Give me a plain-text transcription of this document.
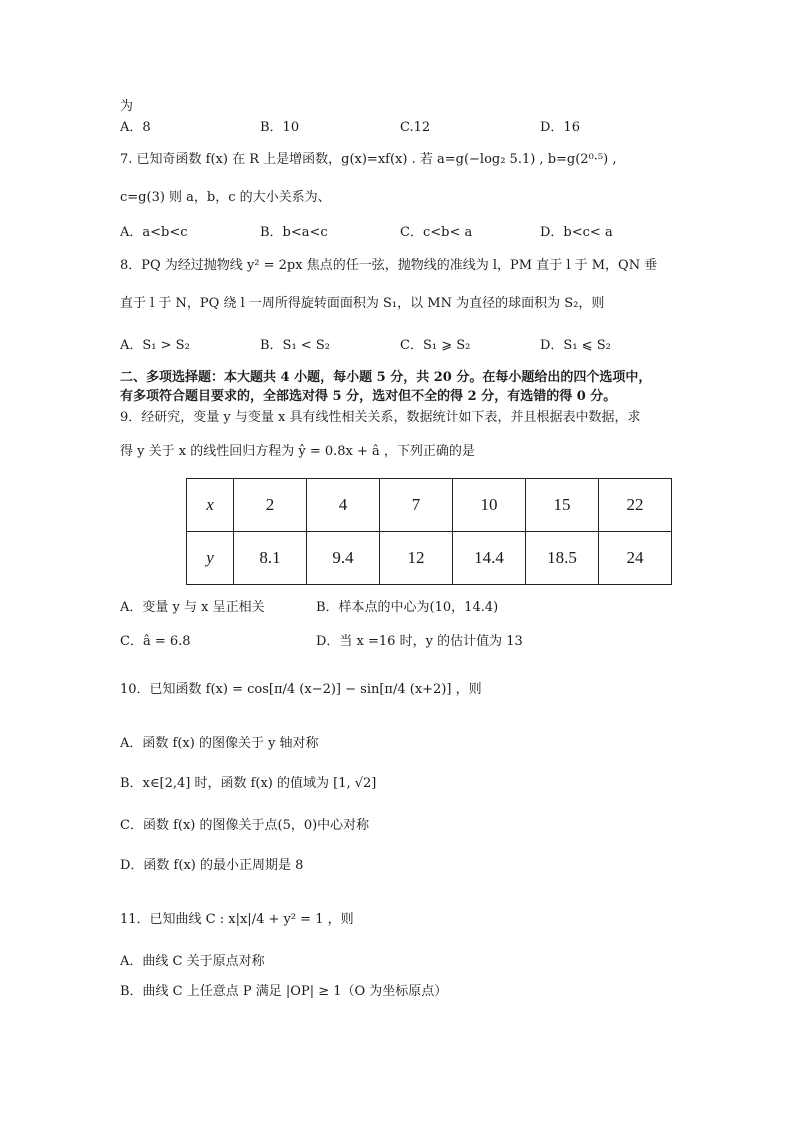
为
A．8	B．10	C.12	D．16
7. 已知奇函数 f(x) 在 R 上是增函数，g(x)=xf(x) . 若 a=g(−log₂ 5.1) , b=g(2⁰·⁵) ,
c=g(3) 则 a，b，c 的大小关系为、
A．a<b<c	B．b<a<c	C．c<b< a	D．b<c< a
8．PQ 为经过抛物线 y² = 2px 焦点的任一弦，抛物线的准线为 l，PM 直于 l 于 M，QN 垂
直于 l 于 N，PQ 绕 l 一周所得旋转面面积为 S₁，以 MN 为直径的球面积为 S₂，则
A．S₁ > S₂	B．S₁ < S₂	C．S₁ ⩾ S₂	D．S₁ ⩽ S₂
二、多项选择题：本大题共 4 小题，每小题 5 分，共 20 分。在每小题给出的四个选项中，
有多项符合题目要求的，全部选对得 5 分，选对但不全的得 2 分，有选错的得 0 分。
9．经研究，变量 y 与变量 x 具有线性相关关系，数据统计如下表，并且根据表中数据，求
得 y 关于 x 的线性回归方程为 ŷ = 0.8x + â ，下列正确的是
x	2	4	7	10	15	22
y	8.1	9.4	12	14.4	18.5	24
A．变量 y 与 x 呈正相关	B．样本点的中心为(10，14.4)
C．â = 6.8	D．当 x =16 时，y 的估计值为 13
10．已知函数 f(x) = cos[π/4 (x−2)] − sin[π/4 (x+2)] ，则
A．函数 f(x) 的图像关于 y 轴对称
B．x∈[2,4] 时，函数 f(x) 的值域为 [1, √2]
C．函数 f(x) 的图像关于点(5，0)中心对称
D．函数 f(x) 的最小正周期是 8
11．已知曲线 C : x|x|/4 + y² = 1 ，则
A．曲线 C 关于原点对称
B．曲线 C 上任意点 P 满足 |OP| ≥ 1（O 为坐标原点）
